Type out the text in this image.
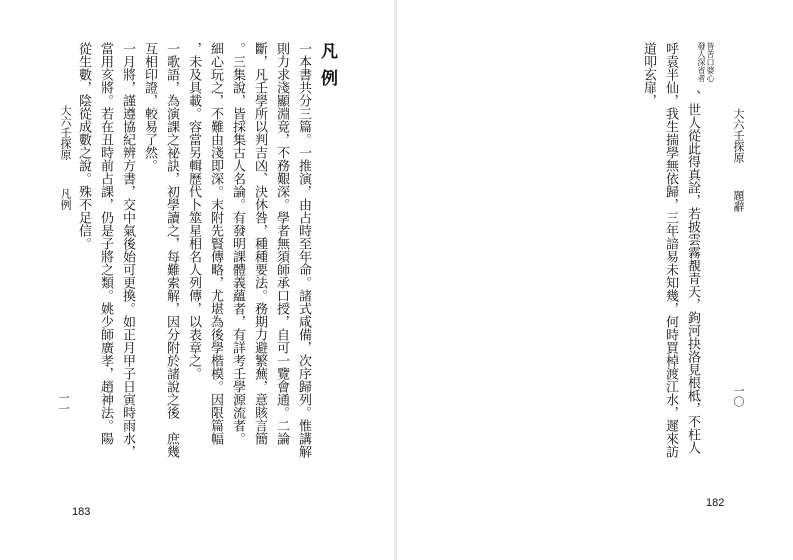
凡例
一本書共分三篇。一推演，由占時至年命。諸式咸備，次序歸列。惟講解
則力求淺顯淵竟，不務艱深。學者無須師承口授，自可一覽會通。二論
斷，凡壬學所以判吉凶、決休咎，種種要法。務期力避繁蕪，意賅言簡
。三集說，皆採集古人名論。有發明課體義蘊者，有詳考壬學源流者。
細心玩之，不難由淺即深。末附先賢傳略，尤堪為後學楷模。因限篇幅
，未及具載。容當另輯歷代卜筮星相名人列傳，以表章之。
一歌語，為演課之祕訣，初學讀之，每難索解，因分附於諸說之後　庶幾
互相印證，較易了然。
一月將，謹遵協紀辨方書，交中氣後始可更換。如正月甲子日寅時雨水，
當用亥將。若在丑時前占課，仍是子將之類。姚少師廣孝，趙神法。陽
從生數，陰從成數之說。殊不足信。
大六壬探原
凡例
一一
183
大六壬探原
題辭
皆苦口婆心
發人深省者
、世人從此得真詮，若披雲霧覩青天，鉤河抉洛見根柢，不枉人
呼袁半仙，我生揣學無依歸，三年諳易未知幾，何時買棹渡江水，遲來訪
道叩玄扉，
一〇
182
